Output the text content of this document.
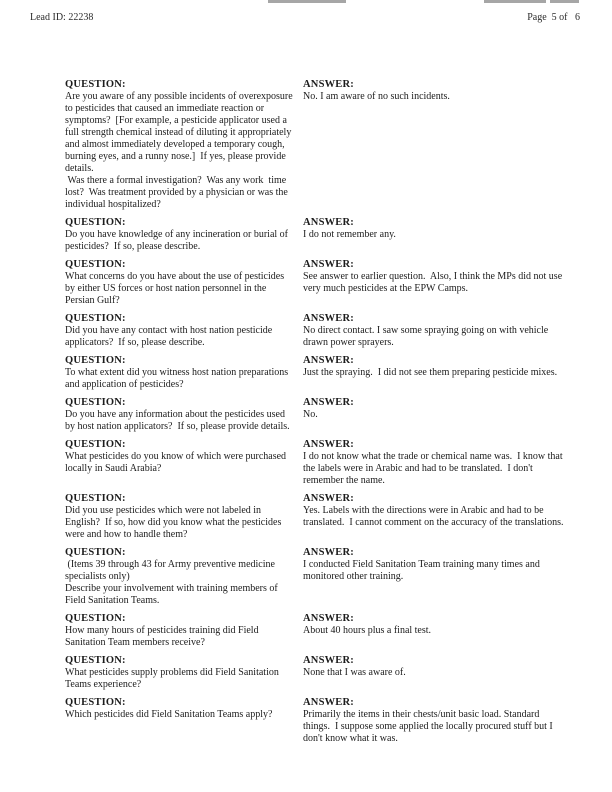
Lead ID: 22238	Page  5 of   6
QUESTION:

Are you aware of any possible incidents of overexposure to pesticides that caused an immediate reaction or symptoms?  [For example, a pesticide applicator used a full strength chemical instead of diluting it appropriately and almost immediately developed a temporary cough, burning eyes, and a runny nose.]  If yes, please provide details.

Was there a formal investigation?  Was any work  time lost?  Was treatment provided by a physician or was the individual hospitalized?

ANSWER:

No. I am aware of no such incidents.

QUESTION:

Do you have knowledge of any incineration or burial of pesticides?  If so, please describe.

ANSWER:

I do not remember any.

QUESTION:

What concerns do you have about the use of pesticides by either US forces or host nation personnel in the Persian Gulf?

ANSWER:

See answer to earlier question.  Also, I think the MPs did not use very much pesticides at the EPW Camps.

QUESTION:

Did you have any contact with host nation pesticide applicators?  If so, please describe.

ANSWER:

No direct contact. I saw some spraying going on with vehicle drawn power sprayers.

QUESTION:

To what extent did you witness host nation preparations and application of pesticides?

ANSWER:

Just the spraying.  I did not see them preparing pesticide mixes.

QUESTION:

Do you have any information about the pesticides used by host nation applicators?  If so, please provide details.

ANSWER:

No.

QUESTION:

What pesticides do you know of which were purchased locally in Saudi Arabia?

ANSWER:

I do not know what the trade or chemical name was.  I know that the labels were in Arabic and had to be translated.  I don't remember the name.

QUESTION:

Did you use pesticides which were not labeled in English?  If so, how did you know what the pesticides were and how to handle them?

ANSWER:

Yes. Labels with the directions were in Arabic and had to be translated.  I cannot comment on the accuracy of the translations.

QUESTION:

(Items 39 through 43 for Army preventive medicine specialists only)

Describe your involvement with training members of Field Sanitation Teams.

ANSWER:

I conducted Field Sanitation Team training many times and monitored other training.

QUESTION:

How many hours of pesticides training did Field Sanitation Team members receive?

ANSWER:

About 40 hours plus a final test.

QUESTION:

What pesticides supply problems did Field Sanitation Teams experience?

ANSWER:

None that I was aware of.

QUESTION:

Which pesticides did Field Sanitation Teams apply?

ANSWER:

Primarily the items in their chests/unit basic load. Standard things.  I suppose some applied the locally procured stuff but I don't know what it was.
